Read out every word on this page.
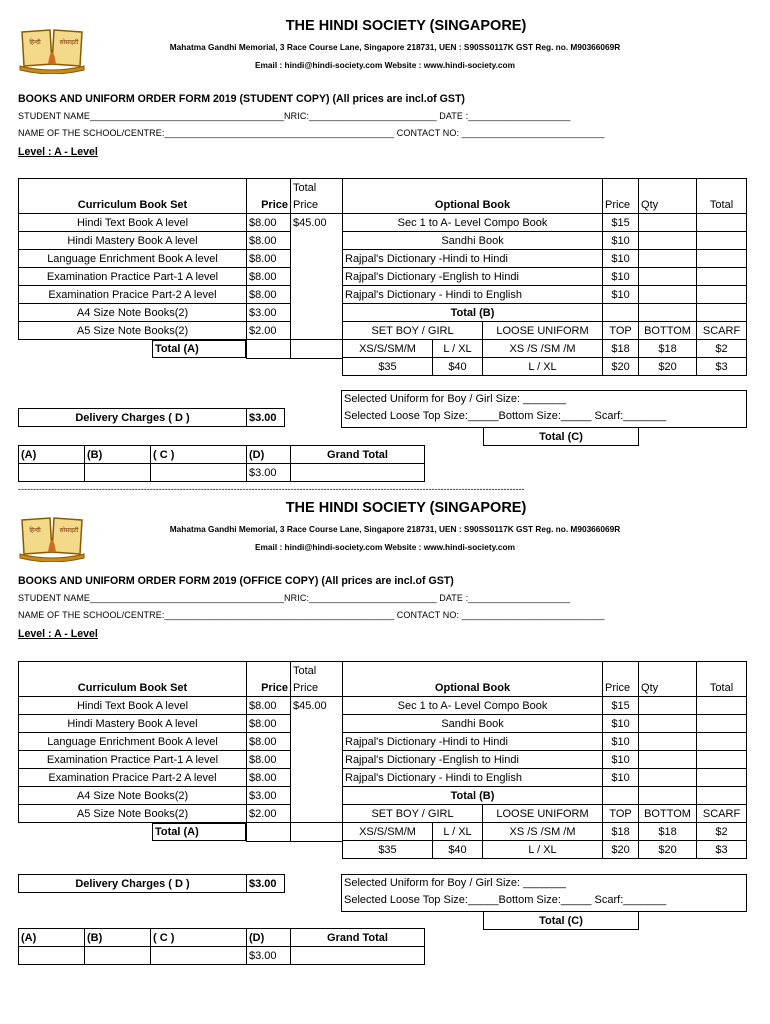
हिन्दी	सोसाइटी
THE HINDI SOCIETY (SINGAPORE)
Mahatma Gandhi Memorial, 3 Race Course Lane, Singapore 218731, UEN : S90SS0117K GST Reg. no. M90366069R
Email : hindi@hindi-society.com Website : www.hindi-society.com
BOOKS AND UNIFORM ORDER FORM 2019 (STUDENT COPY) (All prices are incl.of GST)
STUDENT NAME______________________________________NRIC:_________________________ DATE :____________________
NAME OF THE SCHOOL/CENTRE:_____________________________________________ CONTACT NO: ____________________________
Level : A - Level
		Total
Curriculum Book Set	Price	Price
Hindi Text Book A level	$8.00	$45.00
Hindi Mastery Book A level	$8.00	
Language Enrichment Book A level	$8.00	
Examination Practice Part-1 A level	$8.00	
Examination Pracice Part-2 A level	$8.00	
A4 Size Note Books(2)	$3.00	
A5 Size Note Books(2)	$2.00	
Total (A)		

Optional Book			Price	Qty	Total
Sec 1 to A- Level Compo Book			$15		
Sandhi Book			$10		
Rajpal's Dictionary -Hindi to Hindi			$10		
Rajpal's Dictionary -English to Hindi			$10		
Rajpal's Dictionary - Hindi to English			$10		
Total (B)					
SET BOY / GIRL		LOOSE UNIFORM	TOP	BOTTOM	SCARF
XS/S/SM/M	L / XL	XS /S /SM /M	$18	$18	$2
$35	$40	L / XL	$20	$20	$3
Selected Uniform for Boy / Girl Size: _______
Selected Loose Top Size:_____Bottom Size:_____ Scarf:_______
Total (C)
Delivery Charges ( D )	$3.00
(A)	(B)	( C )	(D)	Grand Total
			$3.00	
-------------------------------------------------------------------------------------------------------------------------------------------------------------------------
हिन्दी	सोसाइटी
THE HINDI SOCIETY (SINGAPORE)
Mahatma Gandhi Memorial, 3 Race Course Lane, Singapore 218731, UEN : S90SS0117K GST Reg. no. M90366069R
Email : hindi@hindi-society.com Website : www.hindi-society.com
BOOKS AND UNIFORM ORDER FORM 2019 (OFFICE COPY) (All prices are incl.of GST)
STUDENT NAME______________________________________NRIC:_________________________ DATE :____________________
NAME OF THE SCHOOL/CENTRE:_____________________________________________ CONTACT NO: ____________________________
Level : A - Level
		Total
Curriculum Book Set	Price	Price
Hindi Text Book A level	$8.00	$45.00
Hindi Mastery Book A level	$8.00	
Language Enrichment Book A level	$8.00	
Examination Practice Part-1 A level	$8.00	
Examination Pracice Part-2 A level	$8.00	
A4 Size Note Books(2)	$3.00	
A5 Size Note Books(2)	$2.00	
Total (A)		

Optional Book			Price	Qty	Total
Sec 1 to A- Level Compo Book			$15		
Sandhi Book			$10		
Rajpal's Dictionary -Hindi to Hindi			$10		
Rajpal's Dictionary -English to Hindi			$10		
Rajpal's Dictionary - Hindi to English			$10		
Total (B)					
SET BOY / GIRL		LOOSE UNIFORM	TOP	BOTTOM	SCARF
XS/S/SM/M	L / XL	XS /S /SM /M	$18	$18	$2
$35	$40	L / XL	$20	$20	$3
Selected Uniform for Boy / Girl Size: _______
Selected Loose Top Size:_____Bottom Size:_____ Scarf:_______
Total (C)
Delivery Charges ( D )	$3.00
(A)	(B)	( C )	(D)	Grand Total
			$3.00	
